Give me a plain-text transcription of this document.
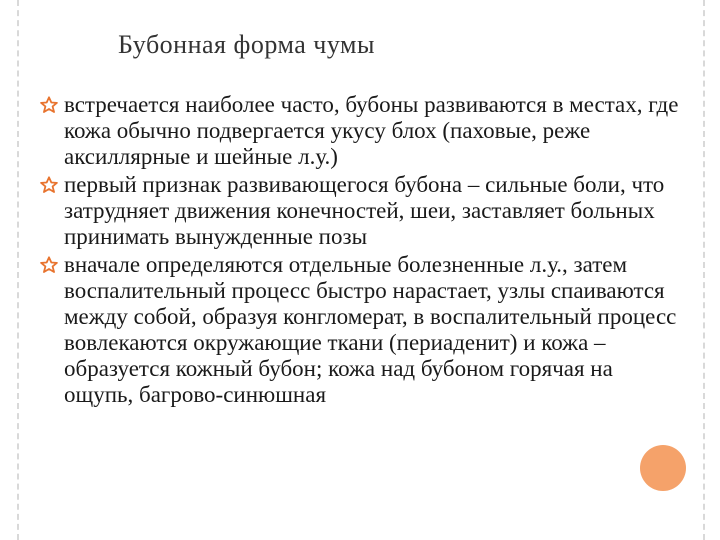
Бубонная форма чумы
встречается наиболее часто, бубоны развиваются в местах, где кожа обычно подвергается укусу блох (паховые, реже аксиллярные и шейные л.у.)
первый признак развивающегося бубона – сильные боли, что затрудняет движения конечностей, шеи, заставляет больных принимать вынужденные позы
вначале определяются отдельные болезненные л.у., затем воспалительный процесс быстро нарастает, узлы спаиваются между собой, образуя конгломерат, в воспалительный процесс вовлекаются окружающие ткани (периаденит) и кожа – образуется кожный бубон; кожа над бубоном горячая на ощупь, багрово-синюшная
